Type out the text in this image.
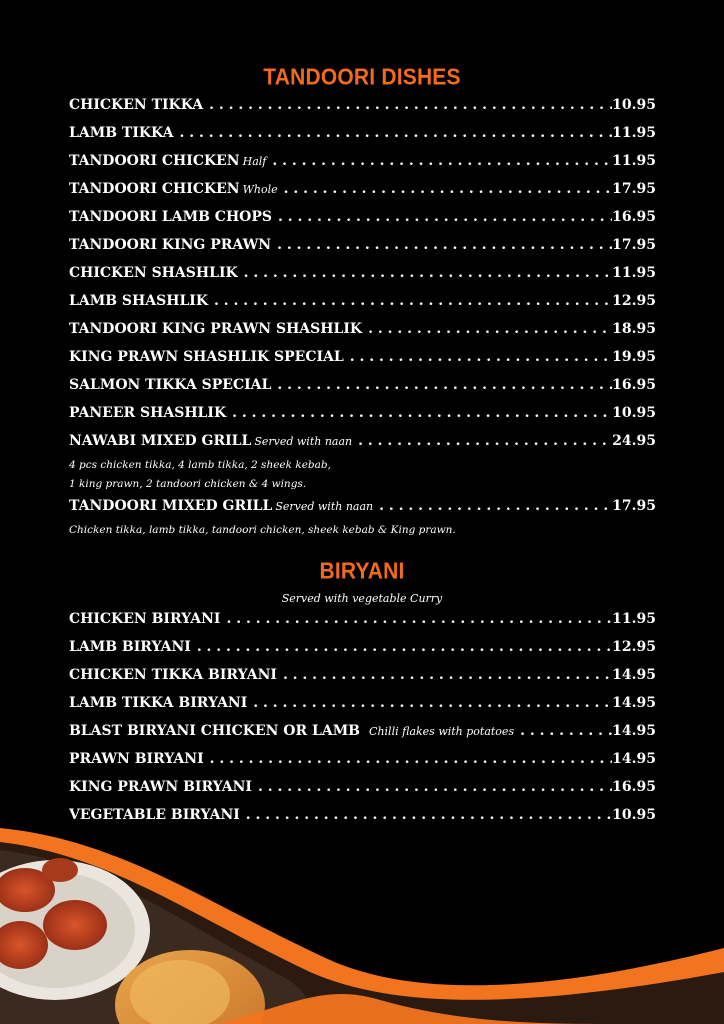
TANDOORI DISHES
CHICKEN TIKKA . . .	10.95
LAMB TIKKA . . .	11.95
TANDOORI CHICKEN Half . . .	11.95
TANDOORI CHICKEN Whole . . .	17.95
TANDOORI LAMB CHOPS . . .	16.95
TANDOORI KING PRAWN . . .	17.95
CHICKEN SHASHLIK . . .	11.95
LAMB SHASHLIK . . .	12.95
TANDOORI KING PRAWN SHASHLIK . . .	18.95
KING PRAWN SHASHLIK SPECIAL . . .	19.95
SALMON TIKKA SPECIAL . . .	16.95
PANEER SHASHLIK . . .	10.95
NAWABI MIXED GRILL Served with naan . . .	24.95
4 pcs chicken tikka, 4 lamb tikka, 2 sheek kebab,
1 king prawn, 2 tandoori chicken & 4 wings.
TANDOORI MIXED GRILL Served with naan . . .	17.95
Chicken tikka, lamb tikka, tandoori chicken, sheek kebab & King prawn.
BIRYANI
Served with vegetable Curry
CHICKEN BIRYANI . . .	11.95
LAMB BIRYANI . . .	12.95
CHICKEN TIKKA BIRYANI . . .	14.95
LAMB TIKKA BIRYANI . . .	14.95
BLAST BIRYANI CHICKEN OR LAMB Chilli flakes with potatoes . . .	14.95
PRAWN BIRYANI . . .	14.95
KING PRAWN BIRYANI . . .	16.95
VEGETABLE BIRYANI . . .	10.95
